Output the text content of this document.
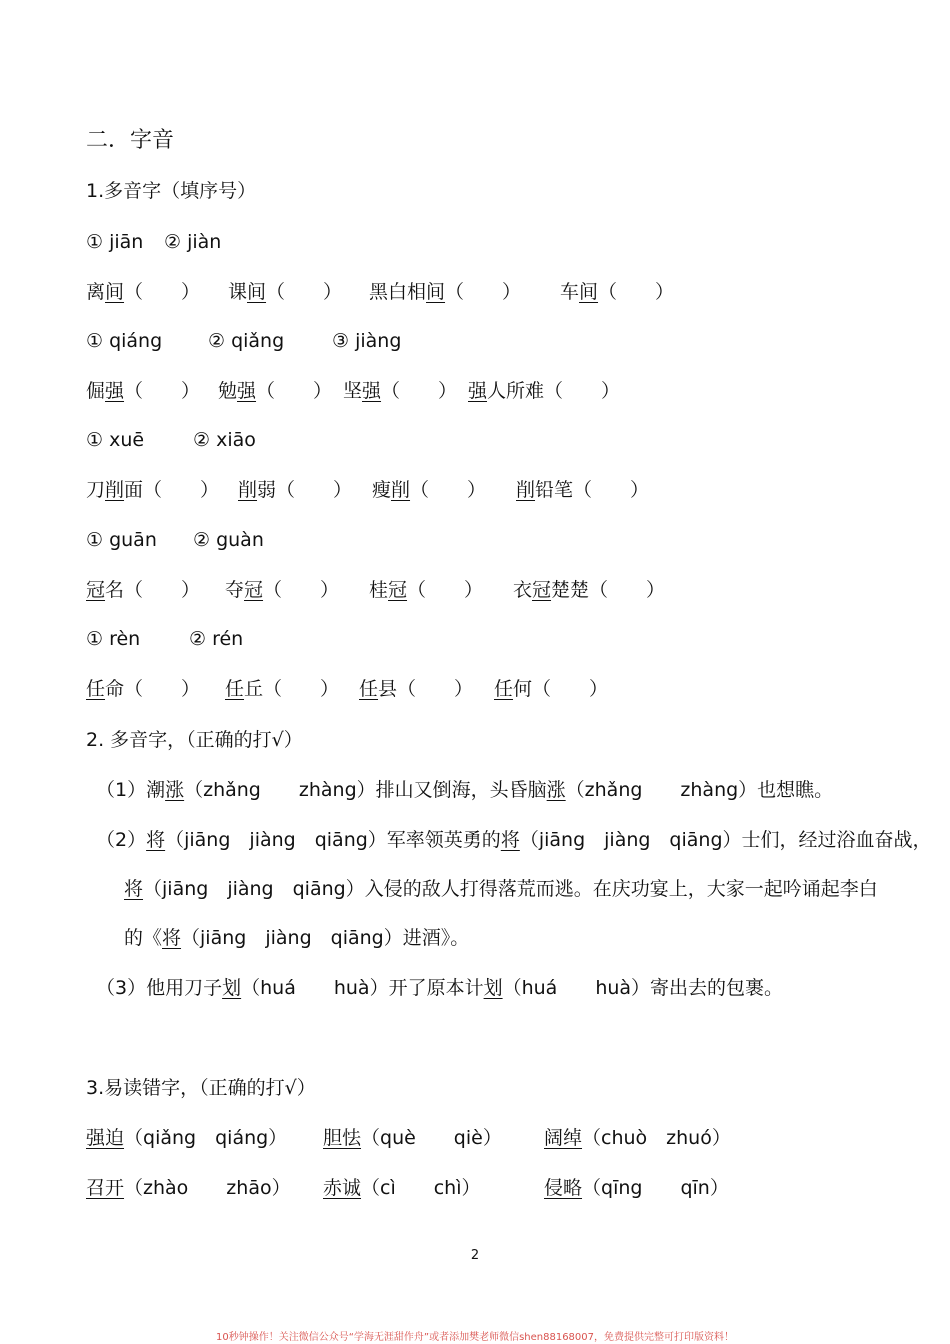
二．字音
1.多音字（填序号）
① jiān ② jiàn
离间（　　） 课间（　　） 黑白相间（　　） 车间（　　）
① qiáng ② qiǎng	③ jiàng
倔强（　　） 勉强（　　） 坚强（　　） 强人所难（　　）
① xuē	② xiāo
刀削面（　　） 削弱（　　） 瘦削（　　） 削铅笔（　　）
① guān ② guàn
冠名（　　） 夺冠（　　） 桂冠（　　） 衣冠楚楚（　　）
① rèn	② rén
任命（　　） 任丘（　　） 任县（　　） 任何（　　）
2. 多音字，（正确的打√）
（1）潮涨（zhǎng　　zhàng）排山又倒海，头昏脑涨（zhǎng　　zhàng）也想瞧。
（2）将（jiāng　jiàng　qiāng）军率领英勇的将（jiāng　jiàng　qiāng）士们，经过浴血奋战，
将（jiāng　jiàng　qiāng）入侵的敌人打得落荒而逃。在庆功宴上，大家一起吟诵起李白
的《将（jiāng　jiàng　qiāng）进酒》。
（3）他用刀子划（huá　　huà）开了原本计划（huá　　huà）寄出去的包裹。
3.易读错字，（正确的打√）
强迫（qiǎng　qiáng） 胆怯（què　　qiè） 阔绰（chuò　zhuó）
召开（zhào　　zhāo） 赤诚（cì　　chì）	侵略（qīng　　qīn）
2
10秒钟操作！关注微信公众号“学海无涯甜作舟”或者添加樊老师微信shen88168007，免费提供完整可打印版资料！
